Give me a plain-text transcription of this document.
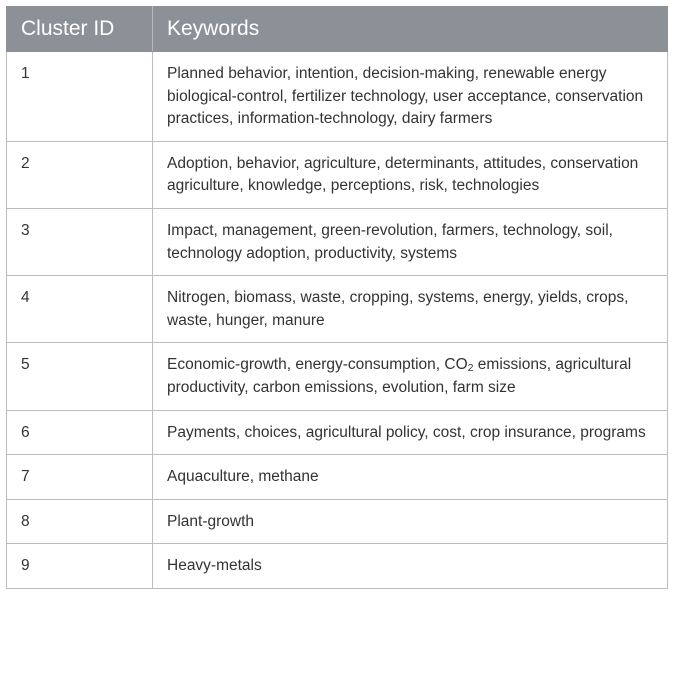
Cluster ID	Keywords
1	Planned behavior, intention, decision-making, renewable energy biological-control, fertilizer technology, user acceptance, conservation practices, information-technology, dairy farmers
2	Adoption, behavior, agriculture, determinants, attitudes, conservation agriculture, knowledge, perceptions, risk, technologies
3	Impact, management, green-revolution, farmers, technology, soil, technology adoption, productivity, systems
4	Nitrogen, biomass, waste, cropping, systems, energy, yields, crops, waste, hunger, manure
5	Economic-growth, energy-consumption, $CO_2$ emissions, agricultural productivity, carbon emissions, evolution, farm size
6	Payments, choices, agricultural policy, cost, crop insurance, programs
7	Aquaculture, methane
8	Plant-growth
9	Heavy-metals
